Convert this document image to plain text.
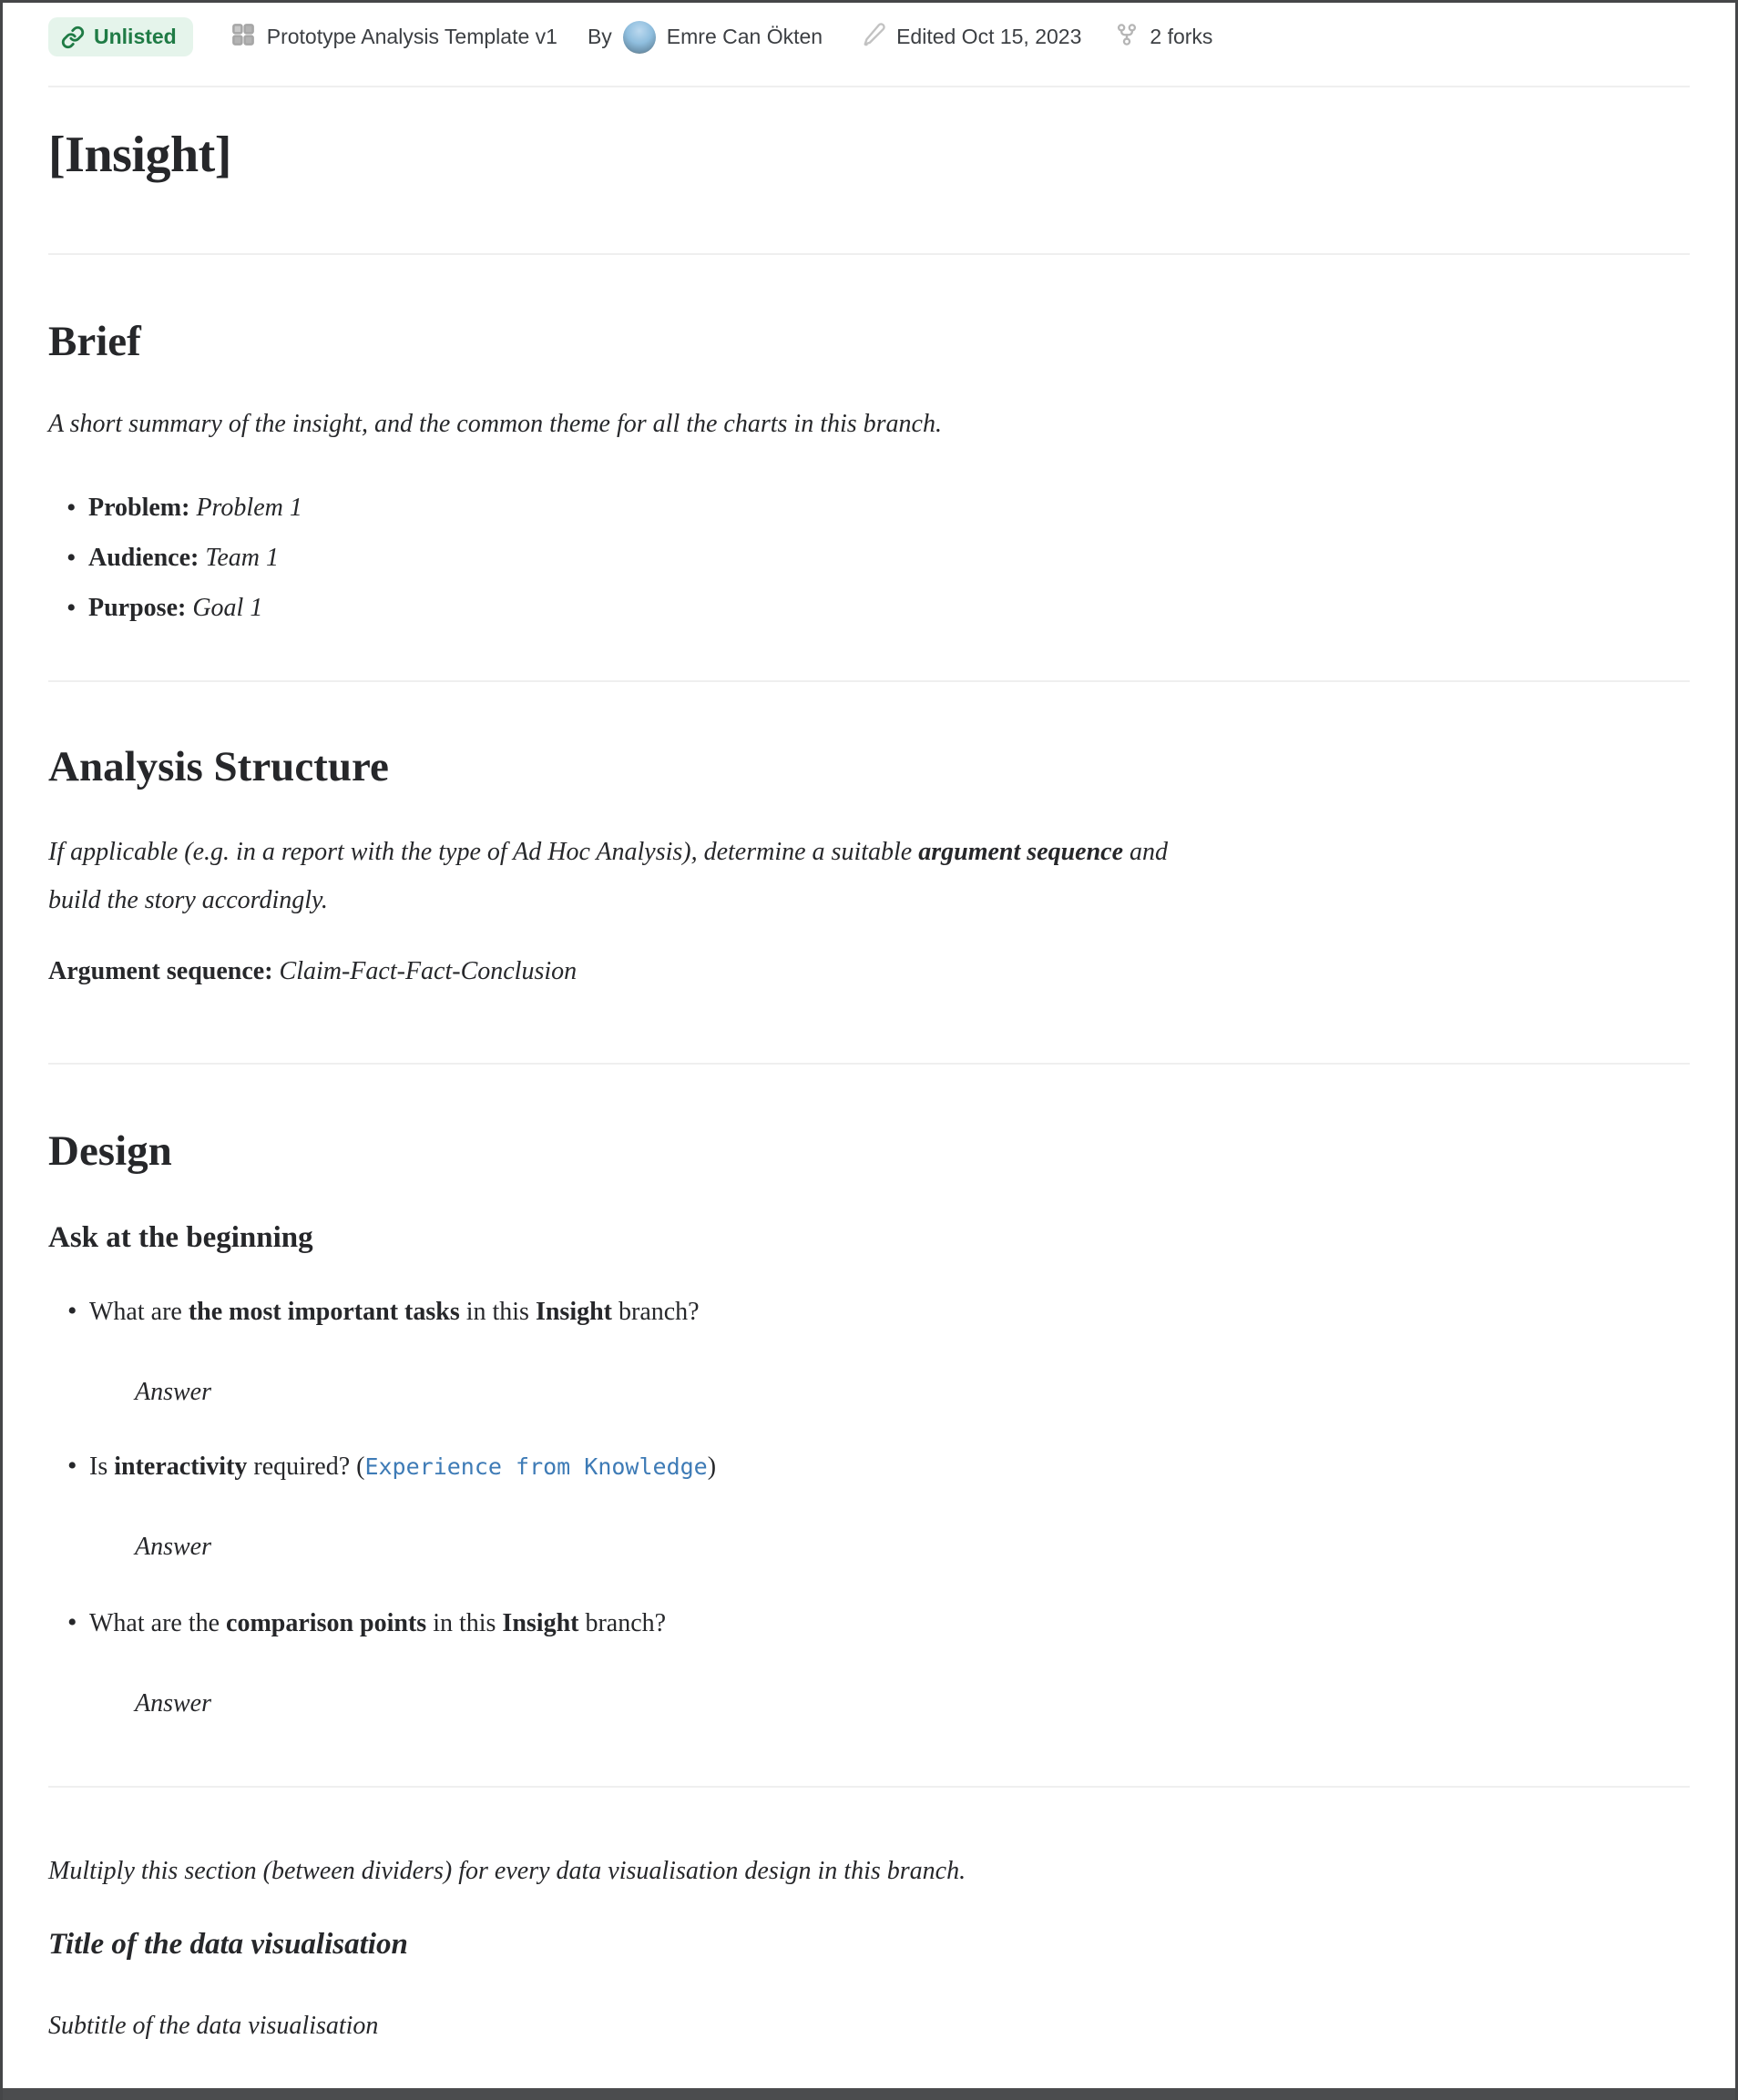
Unlisted	Prototype Analysis Template v1 By	Emre Can Ökten	Edited Oct 15, 2023	2 forks
[Insight]
Brief

A short summary of the insight, and the common theme for all the charts in this branch.

• Problem: Problem 1
• Audience: Team 1
• Purpose: Goal 1
Analysis Structure

If applicable (e.g. in a report with the type of Ad Hoc Analysis), determine a suitable argument sequence and build the story accordingly.

Argument sequence: Claim-Fact-Fact-Conclusion

Design
Ask at the beginning
• What are the most important tasks in this Insight branch?

Answer

• Is interactivity required? (Experience from Knowledge)

Answer

• What are the comparison points in this Insight branch?

Answer

Multiply this section (between dividers) for every data visualisation design in this branch.

Title of the data visualisation

Subtitle of the data visualisation
